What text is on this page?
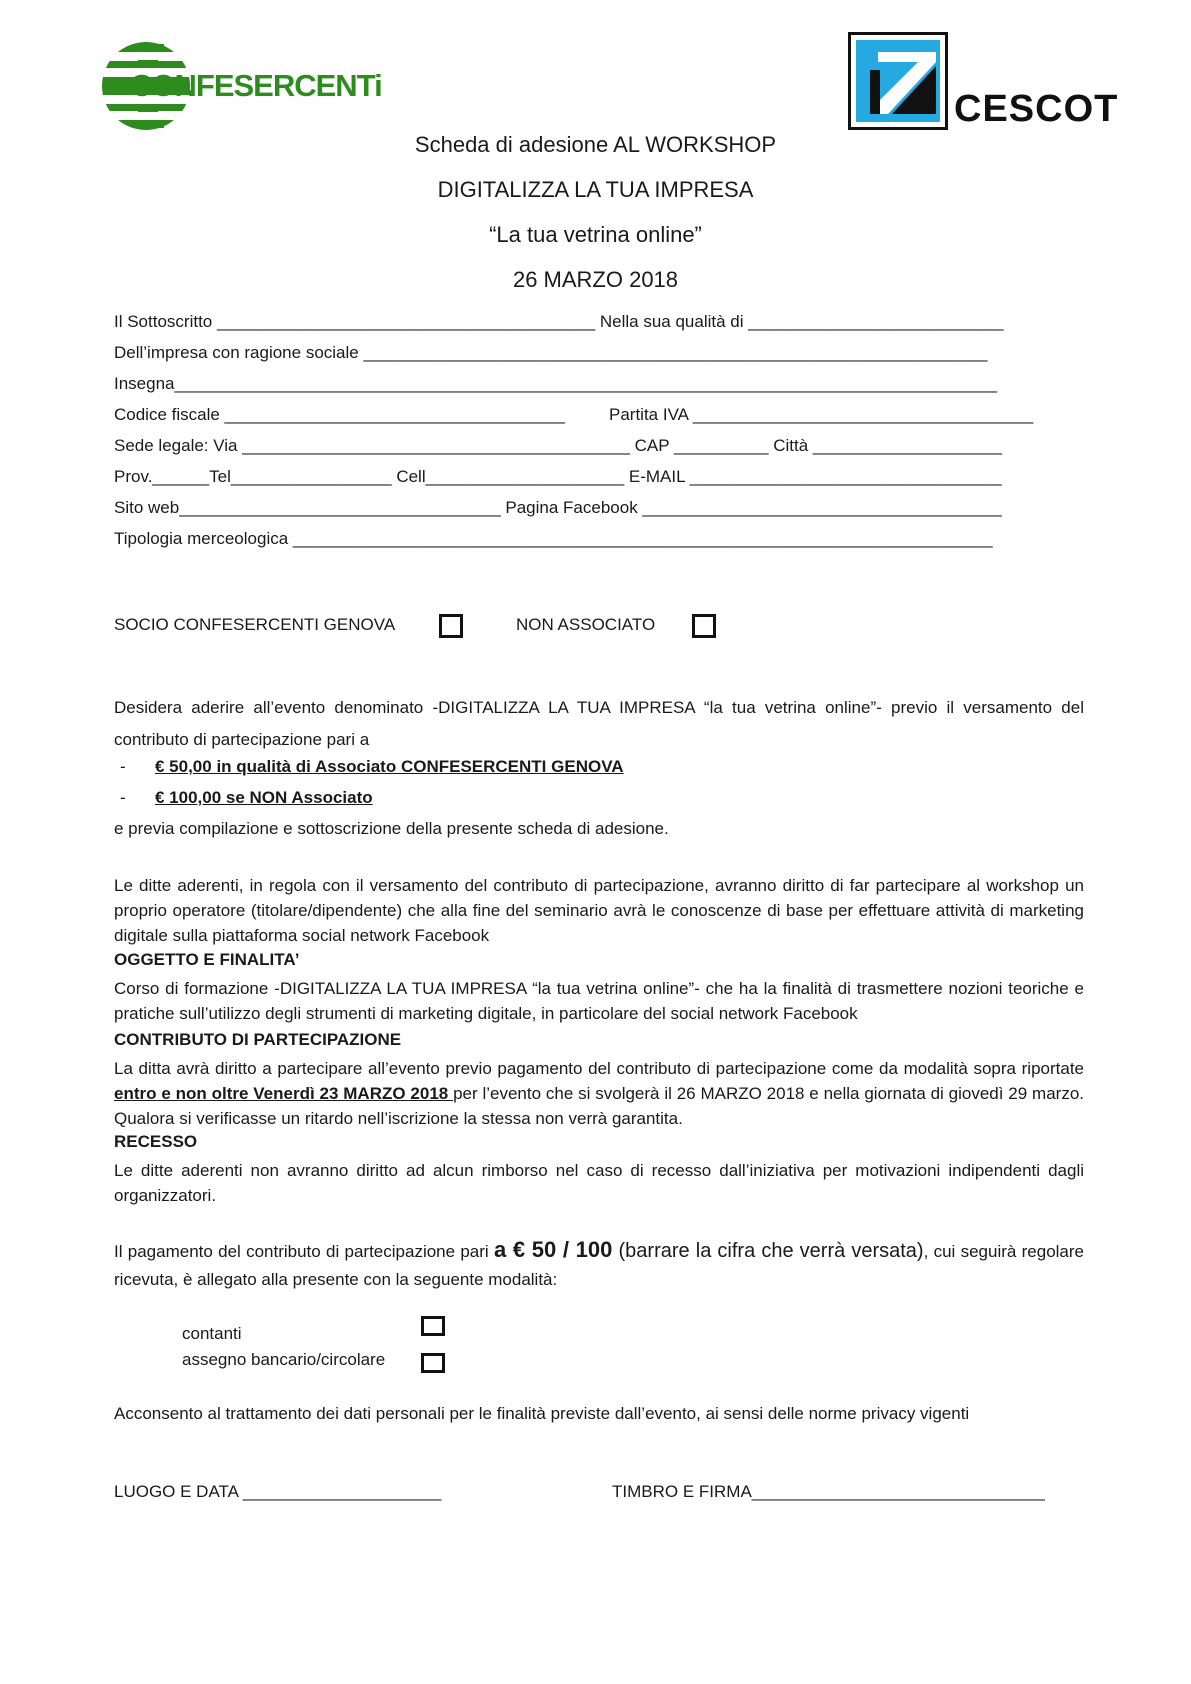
CONFESERCENTi
CESCOT
Scheda di adesione AL WORKSHOP
DIGITALIZZA LA TUA IMPRESA
“La tua vetrina online”
26 MARZO 2018
Il Sottoscritto ________________________________________ Nella sua qualità di ___________________________
Dell’impresa con ragione sociale __________________________________________________________________
Insegna_______________________________________________________________________________________
Codice fiscale ____________________________________	Partita IVA ____________________________________
Sede legale: Via _________________________________________ CAP __________ Città ____________________
Prov.______Tel_________________ Cell_____________________ E-MAIL _________________________________
Sito web__________________________________ Pagina Facebook ______________________________________
Tipologia merceologica __________________________________________________________________________
SOCIO CONFESERCENTI GENOVA	NON ASSOCIATO
Desidera aderire all’evento denominato -DIGITALIZZA LA TUA IMPRESA “la tua vetrina online”- previo il versamento del contributo di partecipazione pari a
- € 50,00 in qualità di Associato CONFESERCENTI GENOVA
- € 100,00 se NON Associato
e previa compilazione e sottoscrizione della presente scheda di adesione.
Le ditte aderenti, in regola con il versamento del contributo di partecipazione, avranno diritto di far partecipare al workshop un proprio operatore (titolare/dipendente) che alla fine del seminario avrà le conoscenze di base per effettuare attività di marketing digitale sulla piattaforma social network Facebook
OGGETTO E FINALITA’
Corso di formazione -DIGITALIZZA LA TUA IMPRESA “la tua vetrina online”- che ha la finalità di trasmettere nozioni teoriche e pratiche sull’utilizzo degli strumenti di marketing digitale, in particolare del social network Facebook
CONTRIBUTO DI PARTECIPAZIONE
La ditta avrà diritto a partecipare all’evento previo pagamento del contributo di partecipazione come da modalità sopra riportate entro e non oltre Venerdì 23 MARZO 2018 per l’evento che si svolgerà il 26 MARZO 2018 e nella giornata di giovedì 29 marzo. Qualora si verificasse un ritardo nell’iscrizione la stessa non verrà garantita.
RECESSO
Le ditte aderenti non avranno diritto ad alcun rimborso nel caso di recesso dall’iniziativa per motivazioni indipendenti dagli organizzatori.
Il pagamento del contributo di partecipazione pari a € 50 / 100 (barrare la cifra che verrà versata), cui seguirà regolare ricevuta, è allegato alla presente con la seguente modalità:
contanti
assegno bancario/circolare
Acconsento al trattamento dei dati personali per le finalità previste dall’evento, ai sensi delle norme privacy vigenti
LUOGO E DATA _____________________	TIMBRO E FIRMA_______________________________
